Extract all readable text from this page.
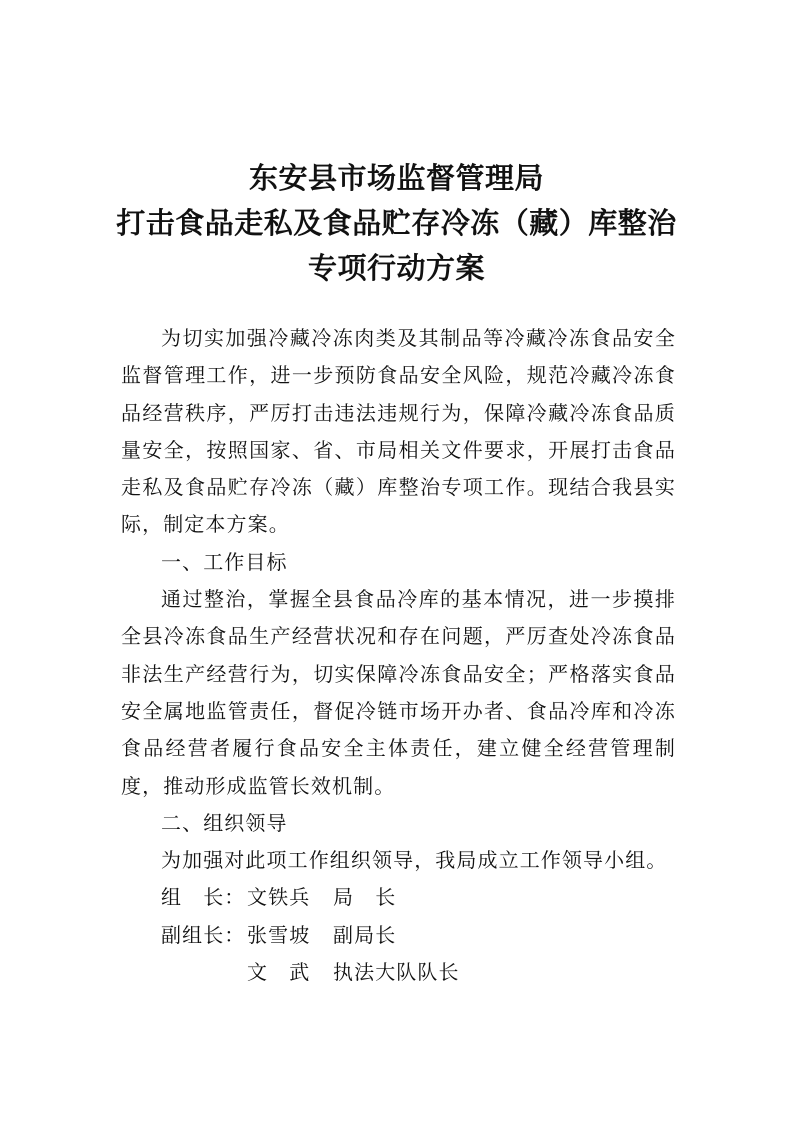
东安县市场监督管理局
打击食品走私及食品贮存冷冻（藏）库整治
专项行动方案

为切实加强冷藏冷冻肉类及其制品等冷藏冷冻食品安全监督管理工作，进一步预防食品安全风险，规范冷藏冷冻食品经营秩序，严厉打击违法违规行为，保障冷藏冷冻食品质量安全，按照国家、省、市局相关文件要求，开展打击食品走私及食品贮存冷冻（藏）库整治专项工作。现结合我县实际，制定本方案。

一、工作目标

通过整治，掌握全县食品冷库的基本情况，进一步摸排全县冷冻食品生产经营状况和存在问题，严厉查处冷冻食品非法生产经营行为，切实保障冷冻食品安全；严格落实食品安全属地监管责任，督促冷链市场开办者、食品冷库和冷冻食品经营者履行食品安全主体责任，建立健全经营管理制度，推动形成监管长效机制。

二、组织领导

为加强对此项工作组织领导，我局成立工作领导小组。

组　长：文铁兵 局　长
副组长：张雪坡 副局长
文　武 执法大队队长
